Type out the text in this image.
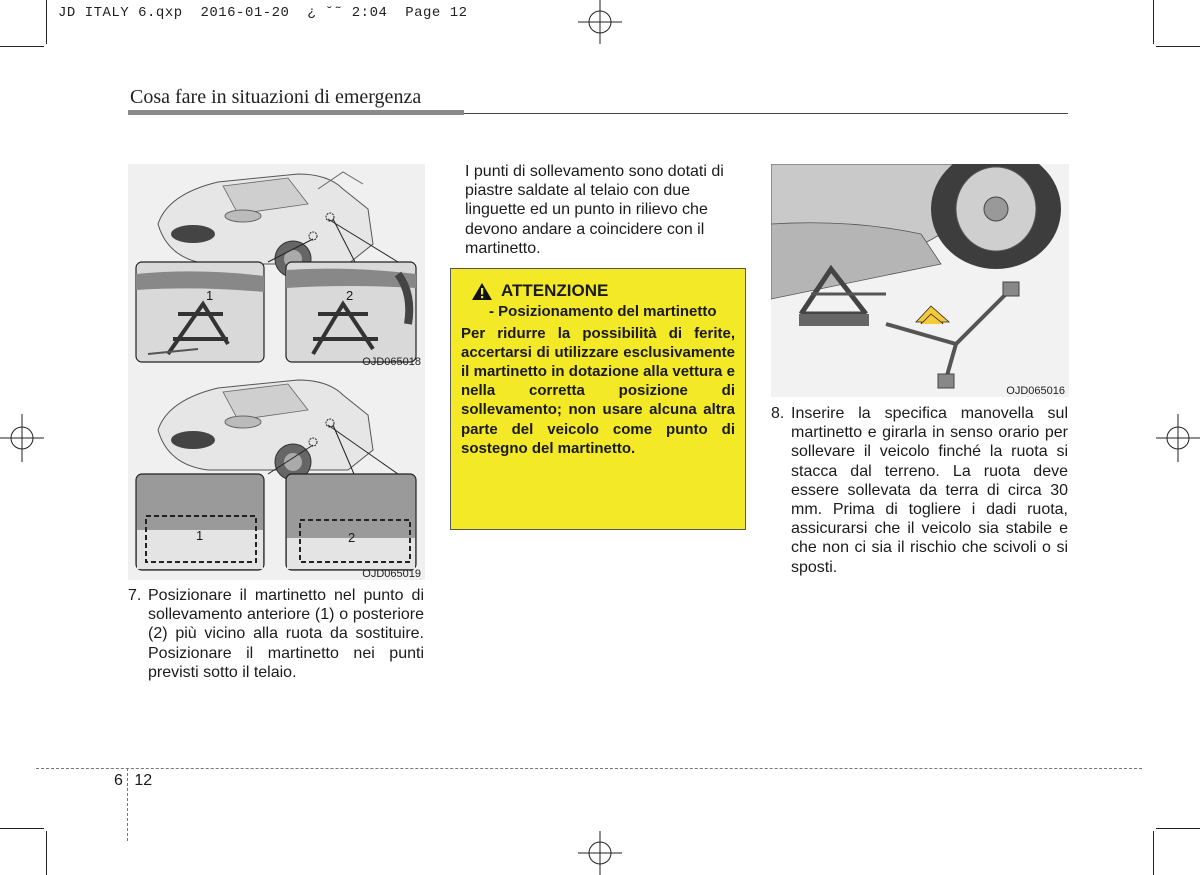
JD ITALY 6.qxp 2016-01-20 ¿ ˘˜ 2:04 Page 12
Cosa fare in situazioni di emergenza
1	2
OJD065018
1	2
OJD065019
7. Posizionare il martinetto nel punto di sollevamento anteriore (1) o posteriore (2) più vicino alla ruota da sostituire. Posizionare il martinetto nei punti previsti sotto il telaio.
I punti di sollevamento sono dotati di piastre saldate al telaio con due linguette ed un punto in rilievo che devono andare a coincidere con il martinetto.
ATTENZIONE
- Posizionamento del martinetto
Per ridurre la possibilità di ferite, accertarsi di utilizzare esclusivamente il martinetto in dotazione alla vettura e nella corretta posizione di sollevamento; non usare alcuna altra parte del veicolo come punto di sostegno del martinetto.
OJD065016
8. Inserire la specifica manovella sul martinetto e girarla in senso orario per sollevare il veicolo finché la ruota si stacca dal terreno. La ruota deve essere sollevata da terra di circa 30 mm. Prima di togliere i dadi ruota, assicurarsi che il veicolo sia stabile e che non ci sia il rischio che scivoli o si sposti.
6 12
